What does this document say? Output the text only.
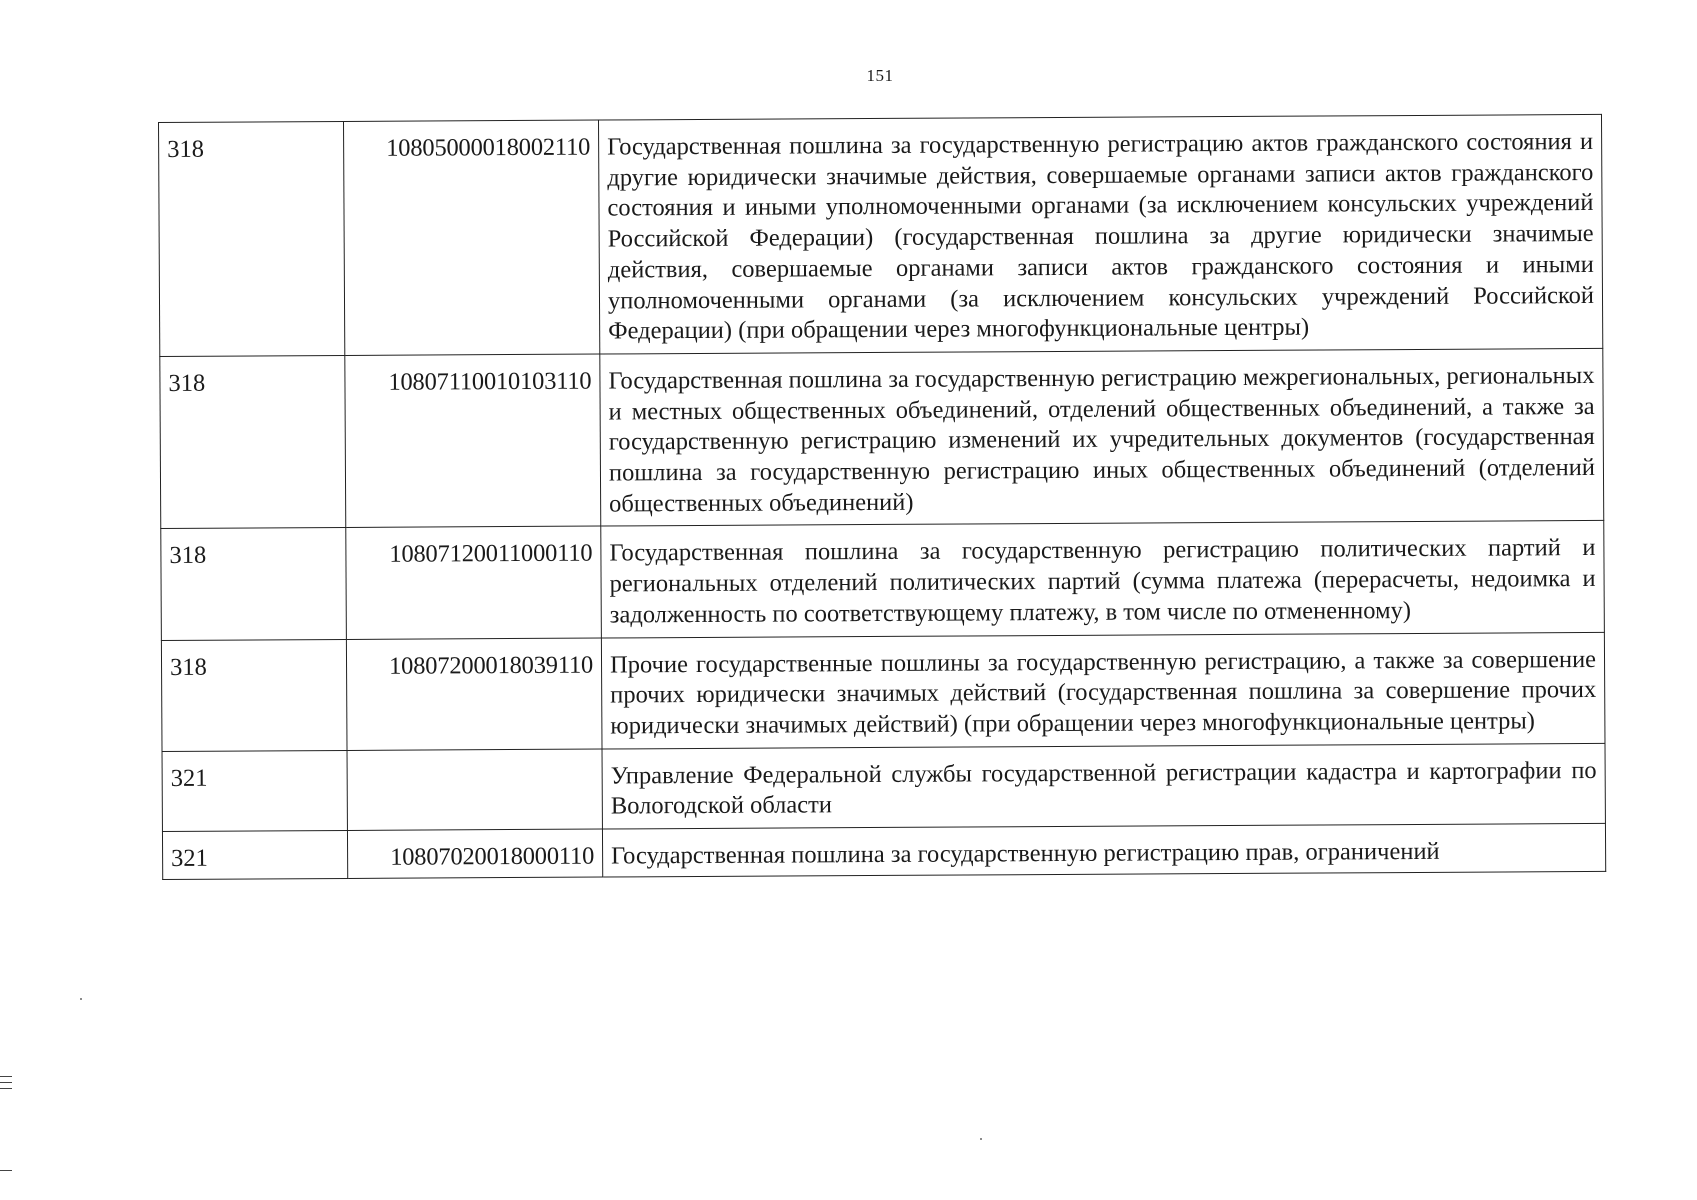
151
318	10805000018002110	Государственная пошлина за государственную регистрацию актов гражданского состояния и другие юридически значимые действия, совершаемые органами записи актов гражданского состояния и иными уполномоченными органами (за исключением консульских учреждений Российской Федерации) (государственная пошлина за другие юридически значимые действия, совершаемые органами записи актов гражданского состояния и иными уполномоченными органами (за исключением консульских учреждений Российской Федерации) (при обращении через многофункциональные центры)
318	10807110010103110	Государственная пошлина за государственную регистрацию межрегиональных, региональных и местных общественных объединений, отделений общественных объединений, а также за государственную регистрацию изменений их учредительных документов (государственная пошлина за государственную регистрацию иных общественных объединений (отделений общественных объединений)
318	10807120011000110	Государственная пошлина за государственную регистрацию политических партий и региональных отделений политических партий (сумма платежа (перерасчеты, недоимка и задолженность по соответствующему платежу, в том числе по отмененному)
318	10807200018039110	Прочие государственные пошлины за государственную регистрацию, а также за совершение прочих юридически значимых действий (государственная пошлина за совершение прочих юридически значимых действий) (при обращении через многофункциональные центры)
321		Управление Федеральной службы государственной регистрации кадастра и картографии по Вологодской области
321	10807020018000110	Государственная пошлина за государственную регистрацию прав, ограничений
